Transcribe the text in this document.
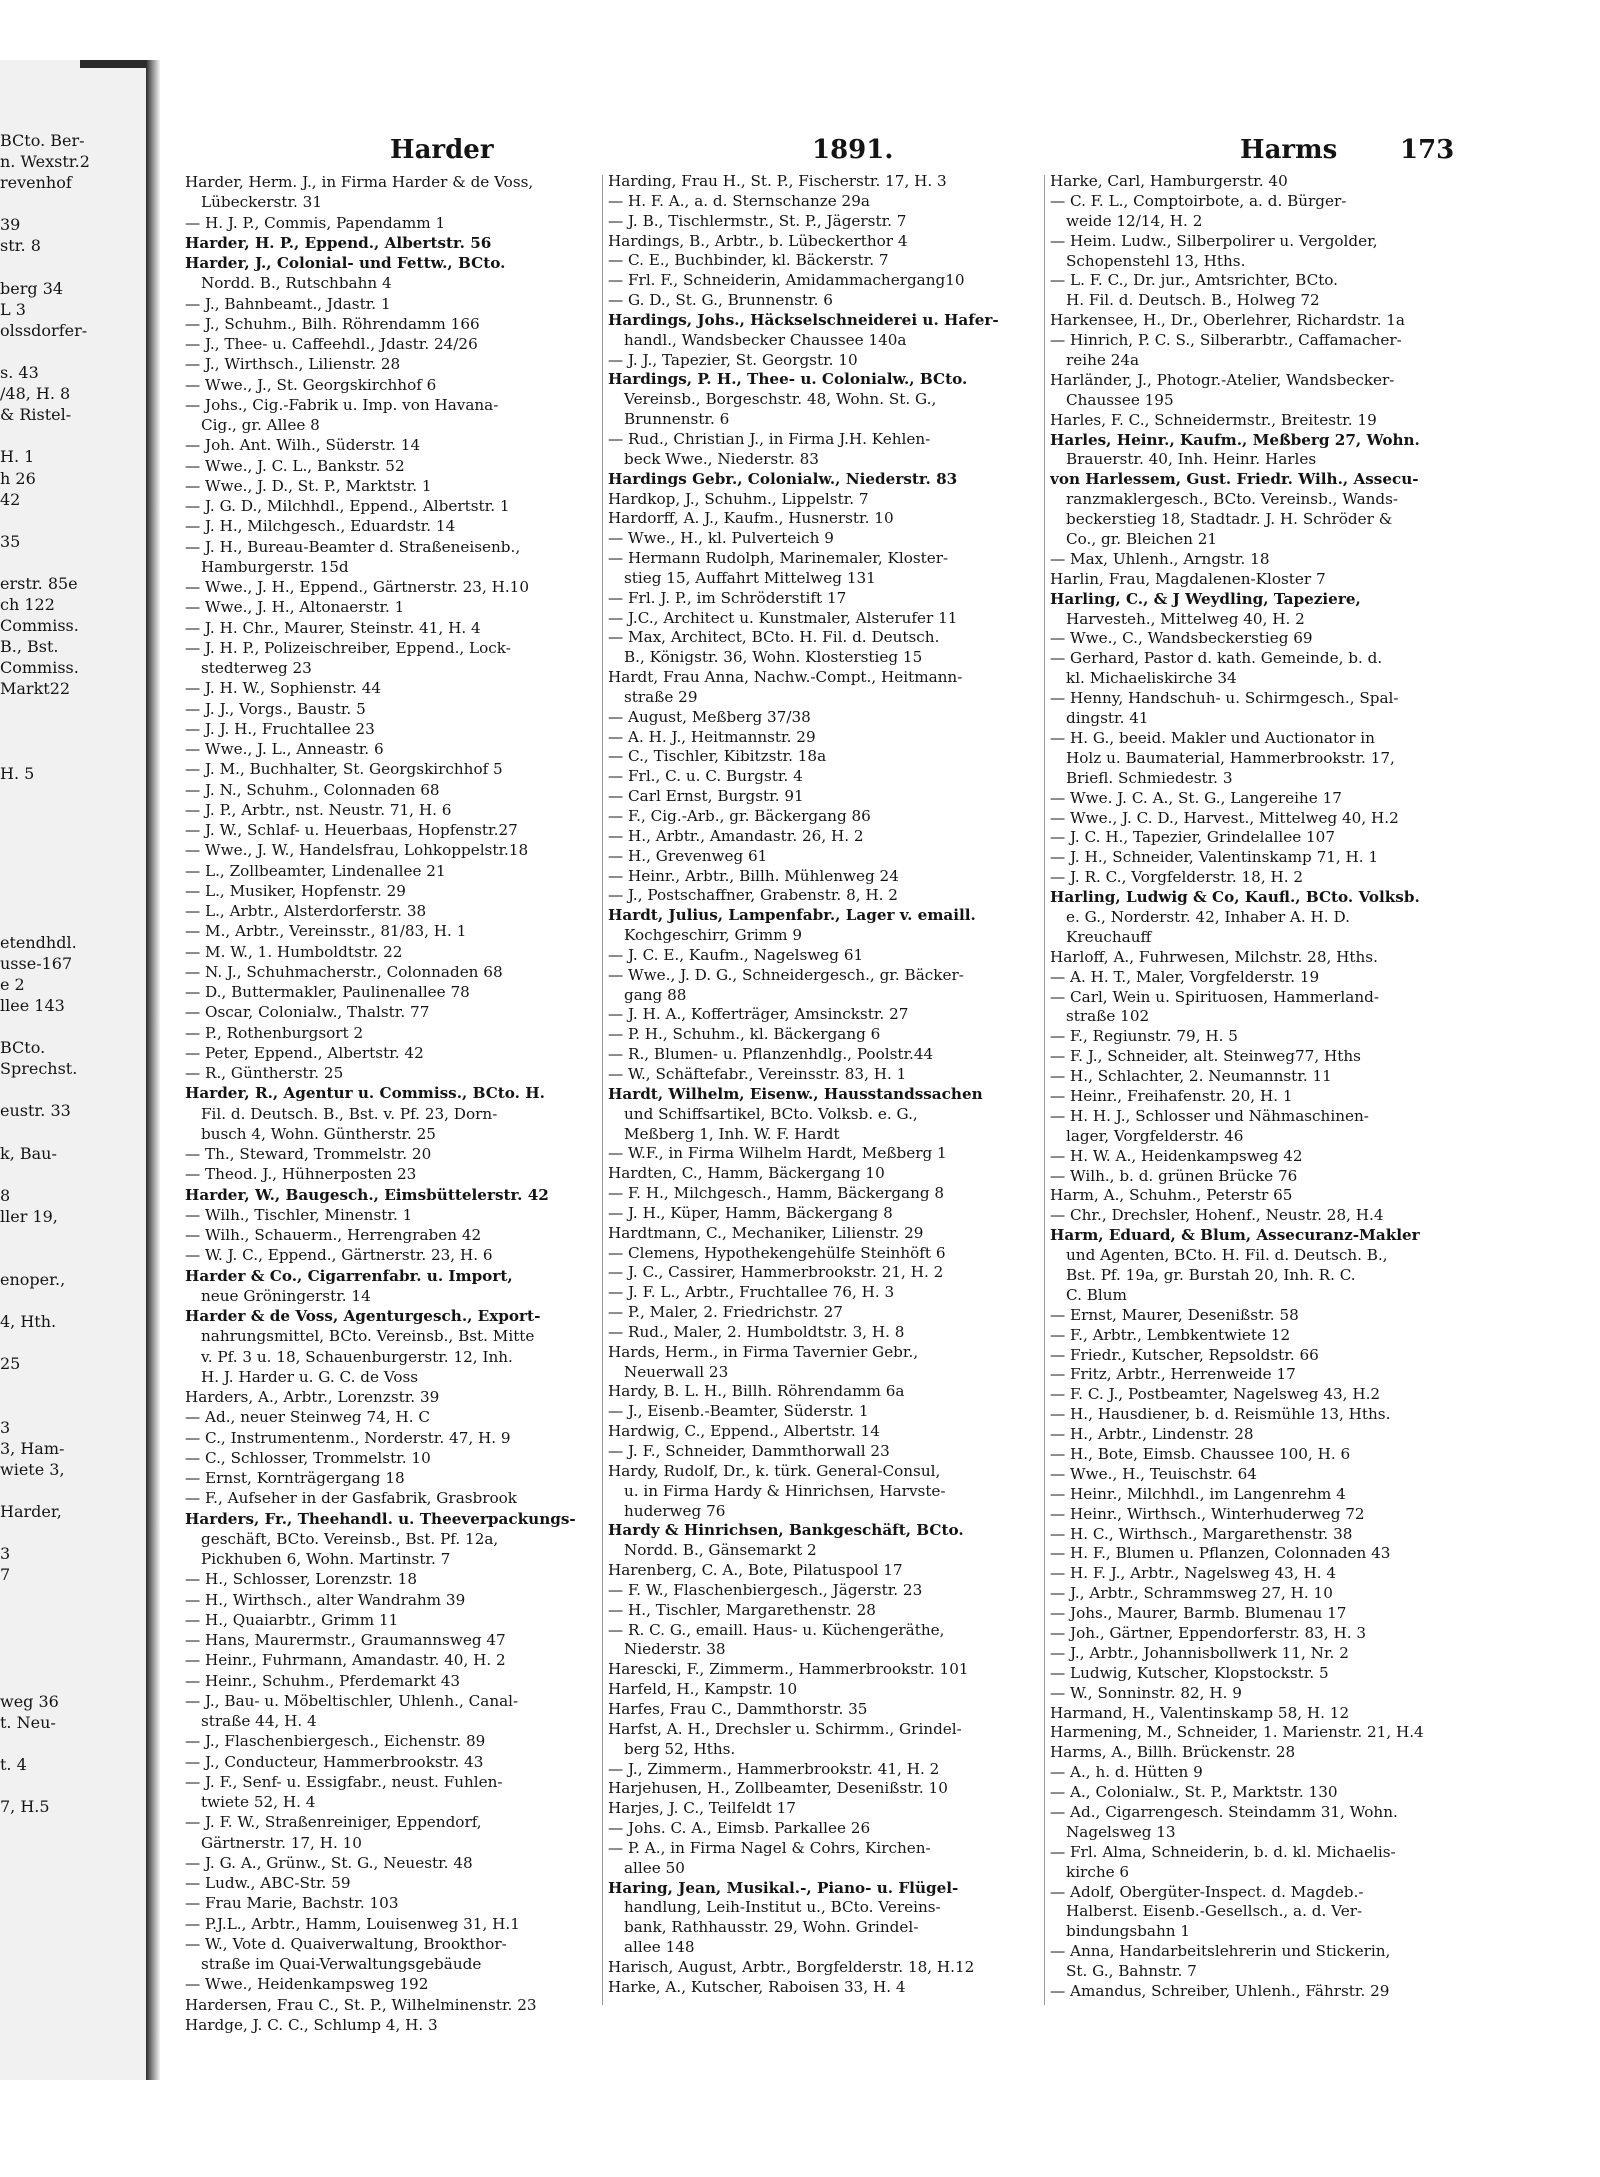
BCto. Ber-
n. Wexstr.2
revenhof
39
str. 8
berg 34
L 3
olssdorfer-
s. 43
/48, H. 8
& Ristel-
H. 1
h 26
42
35
erstr. 85e
ch 122
Commiss.
B., Bst.
Commiss.
Markt22
H. 5
etendhdl.
usse-167
e 2
llee 143
BCto.
Sprechst.
eustr. 33
k, Bau-
8
ller 19,
enoper.,
4, Hth.
25
3
3, Ham-
wiete 3,
Harder,
3
7
weg 36
t. Neu-
t. 4
7, H.5
Harder	1891.	Harms 173
Harder, Herm. J., in Firma Harder & de Voss,
Lübeckerstr. 31
— H. J. P., Commis, Papendamm 1
Harder, H. P., Eppend., Albertstr. 56
Harder, J., Colonial- und Fettw., BCto.
Nordd. B., Rutschbahn 4
— J., Bahnbeamt., Jdastr. 1
— J., Schuhm., Bilh. Röhrendamm 166
— J., Thee- u. Caffeehdl., Jdastr. 24/26
— J., Wirthsch., Lilienstr. 28
— Wwe., J., St. Georgskirchhof 6
— Johs., Cig.-Fabrik u. Imp. von Havana-
Cig., gr. Allee 8
— Joh. Ant. Wilh., Süderstr. 14
— Wwe., J. C. L., Bankstr. 52
— Wwe., J. D., St. P., Marktstr. 1
— J. G. D., Milchhdl., Eppend., Albertstr. 1
— J. H., Milchgesch., Eduardstr. 14
— J. H., Bureau-Beamter d. Straßeneisenb.,
Hamburgerstr. 15d
— Wwe., J. H., Eppend., Gärtnerstr. 23, H.10
— Wwe., J. H., Altonaerstr. 1
— J. H. Chr., Maurer, Steinstr. 41, H. 4
— J. H. P., Polizeischreiber, Eppend., Lock-
stedterweg 23
— J. H. W., Sophienstr. 44
— J. J., Vorgs., Baustr. 5
— J. J. H., Fruchtallee 23
— Wwe., J. L., Anneastr. 6
— J. M., Buchhalter, St. Georgskirchhof 5
— J. N., Schuhm., Colonnaden 68
— J. P., Arbtr., nst. Neustr. 71, H. 6
— J. W., Schlaf- u. Heuerbaas, Hopfenstr.27
— Wwe., J. W., Handelsfrau, Lohkoppelstr.18
— L., Zollbeamter, Lindenallee 21
— L., Musiker, Hopfenstr. 29
— L., Arbtr., Alsterdorferstr. 38
— M., Arbtr., Vereinsstr., 81/83, H. 1
— M. W., 1. Humboldtstr. 22
— N. J., Schuhmacherstr., Colonnaden 68
— D., Buttermakler, Paulinenallee 78
— Oscar, Colonialw., Thalstr. 77
— P., Rothenburgsort 2
— Peter, Eppend., Albertstr. 42
— R., Güntherstr. 25
Harder, R., Agentur u. Commiss., BCto. H.
Fil. d. Deutsch. B., Bst. v. Pf. 23, Dorn-
busch 4, Wohn. Güntherstr. 25
— Th., Steward, Trommelstr. 20
— Theod. J., Hühnerposten 23
Harder, W., Baugesch., Eimsbüttelerstr. 42
— Wilh., Tischler, Minenstr. 1
— Wilh., Schauerm., Herrengraben 42
— W. J. C., Eppend., Gärtnerstr. 23, H. 6
Harder & Co., Cigarrenfabr. u. Import,
neue Gröningerstr. 14
Harder & de Voss, Agenturgesch., Export-
nahrungsmittel, BCto. Vereinsb., Bst. Mitte
v. Pf. 3 u. 18, Schauenburgerstr. 12, Inh.
H. J. Harder u. G. C. de Voss
Harders, A., Arbtr., Lorenzstr. 39
— Ad., neuer Steinweg 74, H. C
— C., Instrumentenm., Norderstr. 47, H. 9
— C., Schlosser, Trommelstr. 10
— Ernst, Kornträgergang 18
— F., Aufseher in der Gasfabrik, Grasbrook
Harders, Fr., Theehandl. u. Theeverpackungs-
geschäft, BCto. Vereinsb., Bst. Pf. 12a,
Pickhuben 6, Wohn. Martinstr. 7
— H., Schlosser, Lorenzstr. 18
— H., Wirthsch., alter Wandrahm 39
— H., Quaiarbtr., Grimm 11
— Hans, Maurermstr., Graumannsweg 47
— Heinr., Fuhrmann, Amandastr. 40, H. 2
— Heinr., Schuhm., Pferdemarkt 43
— J., Bau- u. Möbeltischler, Uhlenh., Canal-
straße 44, H. 4
— J., Flaschenbiergesch., Eichenstr. 89
— J., Conducteur, Hammerbrookstr. 43
— J. F., Senf- u. Essigfabr., neust. Fuhlen-
twiete 52, H. 4
— J. F. W., Straßenreiniger, Eppendorf,
Gärtnerstr. 17, H. 10
— J. G. A., Grünw., St. G., Neuestr. 48
— Ludw., ABC-Str. 59
— Frau Marie, Bachstr. 103
— P.J.L., Arbtr., Hamm, Louisenweg 31, H.1
— W., Vote d. Quaiverwaltung, Brookthor-
straße im Quai-Verwaltungsgebäude
— Wwe., Heidenkampsweg 192
Hardersen, Frau C., St. P., Wilhelminenstr. 23
Hardge, J. C. C., Schlump 4, H. 3
Harding, Frau H., St. P., Fischerstr. 17, H. 3
— H. F. A., a. d. Sternschanze 29a
— J. B., Tischlermstr., St. P., Jägerstr. 7
Hardings, B., Arbtr., b. Lübeckerthor 4
— C. E., Buchbinder, kl. Bäckerstr. 7
— Frl. F., Schneiderin, Amidammachergang10
— G. D., St. G., Brunnenstr. 6
Hardings, Johs., Häckselschneiderei u. Hafer-
handl., Wandsbecker Chaussee 140a
— J. J., Tapezier, St. Georgstr. 10
Hardings, P. H., Thee- u. Colonialw., BCto.
Vereinsb., Borgeschstr. 48, Wohn. St. G.,
Brunnenstr. 6
— Rud., Christian J., in Firma J.H. Kehlen-
beck Wwe., Niederstr. 83
Hardings Gebr., Colonialw., Niederstr. 83
Hardkop, J., Schuhm., Lippelstr. 7
Hardorff, A. J., Kaufm., Husnerstr. 10
— Wwe., H., kl. Pulverteich 9
— Hermann Rudolph, Marinemaler, Kloster-
stieg 15, Auffahrt Mittelweg 131
— Frl. J. P., im Schröderstift 17
— J.C., Architect u. Kunstmaler, Alsterufer 11
— Max, Architect, BCto. H. Fil. d. Deutsch.
B., Königstr. 36, Wohn. Klosterstieg 15
Hardt, Frau Anna, Nachw.-Compt., Heitmann-
straße 29
— August, Meßberg 37/38
— A. H. J., Heitmannstr. 29
— C., Tischler, Kibitzstr. 18a
— Frl., C. u. C. Burgstr. 4
— Carl Ernst, Burgstr. 91
— F., Cig.-Arb., gr. Bäckergang 86
— H., Arbtr., Amandastr. 26, H. 2
— H., Grevenweg 61
— Heinr., Arbtr., Billh. Mühlenweg 24
— J., Postschaffner, Grabenstr. 8, H. 2
Hardt, Julius, Lampenfabr., Lager v. emaill.
Kochgeschirr, Grimm 9
— J. C. E., Kaufm., Nagelsweg 61
— Wwe., J. D. G., Schneidergesch., gr. Bäcker-
gang 88
— J. H. A., Kofferträger, Amsinckstr. 27
— P. H., Schuhm., kl. Bäckergang 6
— R., Blumen- u. Pflanzenhdlg., Poolstr.44
— W., Schäftefabr., Vereinsstr. 83, H. 1
Hardt, Wilhelm, Eisenw., Hausstandssachen
und Schiffsartikel, BCto. Volksb. e. G.,
Meßberg 1, Inh. W. F. Hardt
— W.F., in Firma Wilhelm Hardt, Meßberg 1
Hardten, C., Hamm, Bäckergang 10
— F. H., Milchgesch., Hamm, Bäckergang 8
— J. H., Küper, Hamm, Bäckergang 8
Hardtmann, C., Mechaniker, Lilienstr. 29
— Clemens, Hypothekengehülfe Steinhöft 6
— J. C., Cassirer, Hammerbrookstr. 21, H. 2
— J. F. L., Arbtr., Fruchtallee 76, H. 3
— P., Maler, 2. Friedrichstr. 27
— Rud., Maler, 2. Humboldtstr. 3, H. 8
Hards, Herm., in Firma Tavernier Gebr.,
Neuerwall 23
Hardy, B. L. H., Billh. Röhrendamm 6a
— J., Eisenb.-Beamter, Süderstr. 1
Hardwig, C., Eppend., Albertstr. 14
— J. F., Schneider, Dammthorwall 23
Hardy, Rudolf, Dr., k. türk. General-Consul,
u. in Firma Hardy & Hinrichsen, Harvste-
huderweg 76
Hardy & Hinrichsen, Bankgeschäft, BCto.
Nordd. B., Gänsemarkt 2
Harenberg, C. A., Bote, Pilatuspool 17
— F. W., Flaschenbiergesch., Jägerstr. 23
— H., Tischler, Margarethenstr. 28
— R. C. G., emaill. Haus- u. Küchengeräthe,
Niederstr. 38
Harescki, F., Zimmerm., Hammerbrookstr. 101
Harfeld, H., Kampstr. 10
Harfes, Frau C., Dammthorstr. 35
Harfst, A. H., Drechsler u. Schirmm., Grindel-
berg 52, Hths.
— J., Zimmerm., Hammerbrookstr. 41, H. 2
Harjehusen, H., Zollbeamter, Desenißstr. 10
Harjes, J. C., Teilfeldt 17
— Johs. C. A., Eimsb. Parkallee 26
— P. A., in Firma Nagel & Cohrs, Kirchen-
allee 50
Haring, Jean, Musikal.-, Piano- u. Flügel-
handlung, Leih-Institut u., BCto. Vereins-
bank, Rathhausstr. 29, Wohn. Grindel-
allee 148
Harisch, August, Arbtr., Borgfelderstr. 18, H.12
Harke, A., Kutscher, Raboisen 33, H. 4
Harke, Carl, Hamburgerstr. 40
— C. F. L., Comptoirbote, a. d. Bürger-
weide 12/14, H. 2
— Heim. Ludw., Silberpolirer u. Vergolder,
Schopenstehl 13, Hths.
— L. F. C., Dr. jur., Amtsrichter, BCto.
H. Fil. d. Deutsch. B., Holweg 72
Harkensee, H., Dr., Oberlehrer, Richardstr. 1a
— Hinrich, P. C. S., Silberarbtr., Caffamacher-
reihe 24a
Harländer, J., Photogr.-Atelier, Wandsbecker-
Chaussee 195
Harles, F. C., Schneidermstr., Breitestr. 19
Harles, Heinr., Kaufm., Meßberg 27, Wohn.
Brauerstr. 40, Inh. Heinr. Harles
von Harlessem, Gust. Friedr. Wilh., Assecu-
ranzmaklergesch., BCto. Vereinsb., Wands-
beckerstieg 18, Stadtadr. J. H. Schröder &
Co., gr. Bleichen 21
— Max, Uhlenh., Arngstr. 18
Harlin, Frau, Magdalenen-Kloster 7
Harling, C., & J Weydling, Tapeziere,
Harvesteh., Mittelweg 40, H. 2
— Wwe., C., Wandsbeckerstieg 69
— Gerhard, Pastor d. kath. Gemeinde, b. d.
kl. Michaeliskirche 34
— Henny, Handschuh- u. Schirmgesch., Spal-
dingstr. 41
— H. G., beeid. Makler und Auctionator in
Holz u. Baumaterial, Hammerbrookstr. 17,
Briefl. Schmiedestr. 3
— Wwe. J. C. A., St. G., Langereihe 17
— Wwe., J. C. D., Harvest., Mittelweg 40, H.2
— J. C. H., Tapezier, Grindelallee 107
— J. H., Schneider, Valentinskamp 71, H. 1
— J. R. C., Vorgfelderstr. 18, H. 2
Harling, Ludwig & Co, Kaufl., BCto. Volksb.
e. G., Norderstr. 42, Inhaber A. H. D.
Kreuchauff
Harloff, A., Fuhrwesen, Milchstr. 28, Hths.
— A. H. T., Maler, Vorgfelderstr. 19
— Carl, Wein u. Spirituosen, Hammerland-
straße 102
— F., Regiunstr. 79, H. 5
— F. J., Schneider, alt. Steinweg77, Hths
— H., Schlachter, 2. Neumannstr. 11
— Heinr., Freihafenstr. 20, H. 1
— H. H. J., Schlosser und Nähmaschinen-
lager, Vorgfelderstr. 46
— H. W. A., Heidenkampsweg 42
— Wilh., b. d. grünen Brücke 76
Harm, A., Schuhm., Peterstr 65
— Chr., Drechsler, Hohenf., Neustr. 28, H.4
Harm, Eduard, & Blum, Assecuranz-Makler
und Agenten, BCto. H. Fil. d. Deutsch. B.,
Bst. Pf. 19a, gr. Burstah 20, Inh. R. C.
C. Blum
— Ernst, Maurer, Desenißstr. 58
— F., Arbtr., Lembkentwiete 12
— Friedr., Kutscher, Repsoldstr. 66
— Fritz, Arbtr., Herrenweide 17
— F. C. J., Postbeamter, Nagelsweg 43, H.2
— H., Hausdiener, b. d. Reismühle 13, Hths.
— H., Arbtr., Lindenstr. 28
— H., Bote, Eimsb. Chaussee 100, H. 6
— Wwe., H., Teuischstr. 64
— Heinr., Milchhdl., im Langenrehm 4
— Heinr., Wirthsch., Winterhuderweg 72
— H. C., Wirthsch., Margarethenstr. 38
— H. F., Blumen u. Pflanzen, Colonnaden 43
— H. F. J., Arbtr., Nagelsweg 43, H. 4
— J., Arbtr., Schrammsweg 27, H. 10
— Johs., Maurer, Barmb. Blumenau 17
— Joh., Gärtner, Eppendorferstr. 83, H. 3
— J., Arbtr., Johannisbollwerk 11, Nr. 2
— Ludwig, Kutscher, Klopstockstr. 5
— W., Sonninstr. 82, H. 9
Harmand, H., Valentinskamp 58, H. 12
Harmening, M., Schneider, 1. Marienstr. 21, H.4
Harms, A., Billh. Brückenstr. 28
— A., h. d. Hütten 9
— A., Colonialw., St. P., Marktstr. 130
— Ad., Cigarrengesch. Steindamm 31, Wohn.
Nagelsweg 13
— Frl. Alma, Schneiderin, b. d. kl. Michaelis-
kirche 6
— Adolf, Obergüter-Inspect. d. Magdeb.-
Halberst. Eisenb.-Gesellsch., a. d. Ver-
bindungsbahn 1
— Anna, Handarbeitslehrerin und Stickerin,
St. G., Bahnstr. 7
— Amandus, Schreiber, Uhlenh., Fährstr. 29
